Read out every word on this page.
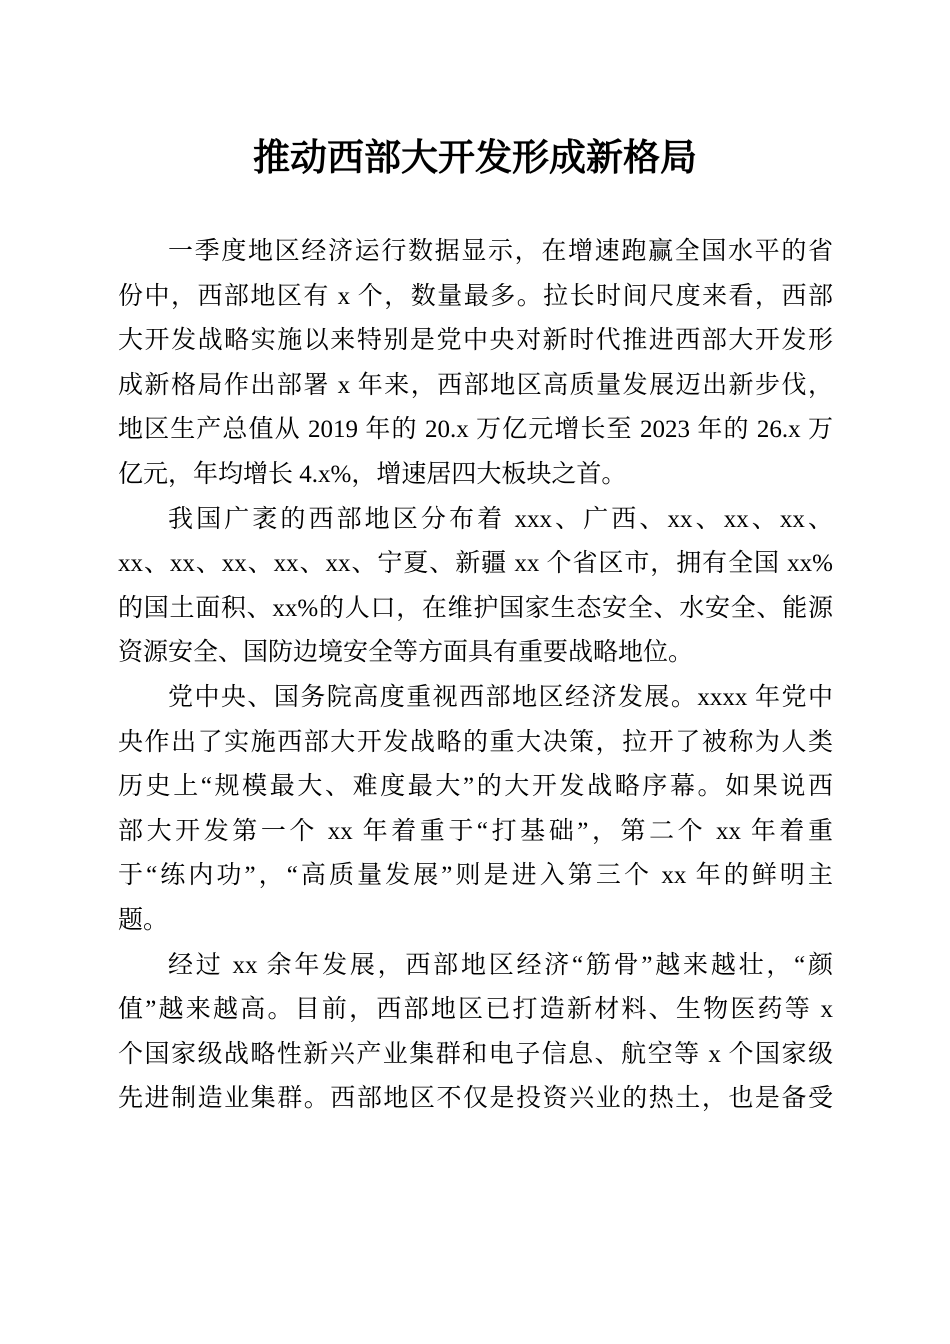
推动西部大开发形成新格局
一季度地区经济运行数据显示，在增速跑赢全国水平的省
份中，西部地区有 x 个，数量最多。拉长时间尺度来看，西部
大开发战略实施以来特别是党中央对新时代推进西部大开发形
成新格局作出部署 x 年来，西部地区高质量发展迈出新步伐，
地区生产总值从 2019 年的 20.x 万亿元增长至 2023 年的 26.x 万
亿元，年均增长 4.x%，增速居四大板块之首。
我国广袤的西部地区分布着 xxx、广西、xx、xx、xx、
xx、xx、xx、xx、xx、宁夏、新疆 xx 个省区市，拥有全国 xx%
的国土面积、xx%的人口，在维护国家生态安全、水安全、能源
资源安全、国防边境安全等方面具有重要战略地位。
党中央、国务院高度重视西部地区经济发展。xxxx 年党中
央作出了实施西部大开发战略的重大决策，拉开了被称为人类
历史上“规模最大、难度最大”的大开发战略序幕。如果说西
部大开发第一个 xx 年着重于“打基础”，第二个 xx 年着重
于“练内功”，“高质量发展”则是进入第三个 xx 年的鲜明主
题。
经过 xx 余年发展，西部地区经济“筋骨”越来越壮，“颜
值”越来越高。目前，西部地区已打造新材料、生物医药等 x
个国家级战略性新兴产业集群和电子信息、航空等 x 个国家级
先进制造业集群。西部地区不仅是投资兴业的热土，也是备受
